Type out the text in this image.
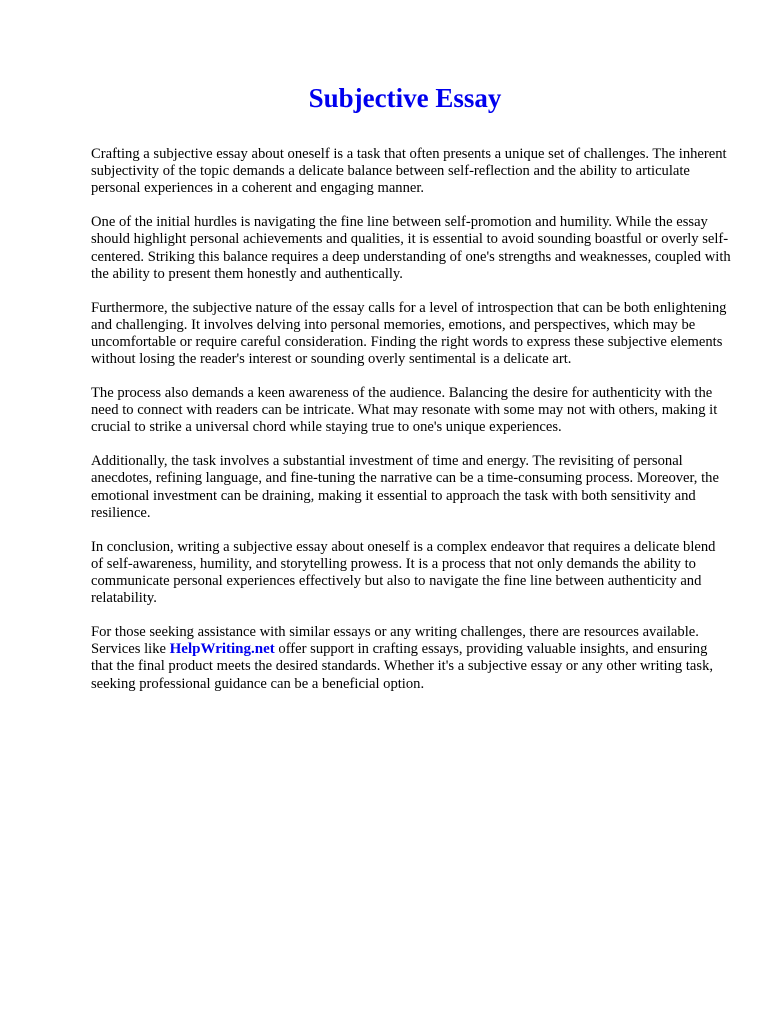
Subjective Essay

Crafting a subjective essay about oneself is a task that often presents a unique set of challenges. The inherent subjectivity of the topic demands a delicate balance between self-reflection and the ability to articulate personal experiences in a coherent and engaging manner.

One of the initial hurdles is navigating the fine line between self-promotion and humility. While the essay should highlight personal achievements and qualities, it is essential to avoid sounding boastful or overly self-centered. Striking this balance requires a deep understanding of one's strengths and weaknesses, coupled with the ability to present them honestly and authentically.

Furthermore, the subjective nature of the essay calls for a level of introspection that can be both enlightening and challenging. It involves delving into personal memories, emotions, and perspectives, which may be uncomfortable or require careful consideration. Finding the right words to express these subjective elements without losing the reader's interest or sounding overly sentimental is a delicate art.

The process also demands a keen awareness of the audience. Balancing the desire for authenticity with the need to connect with readers can be intricate. What may resonate with some may not with others, making it crucial to strike a universal chord while staying true to one's unique experiences.

Additionally, the task involves a substantial investment of time and energy. The revisiting of personal anecdotes, refining language, and fine-tuning the narrative can be a time-consuming process. Moreover, the emotional investment can be draining, making it essential to approach the task with both sensitivity and resilience.

In conclusion, writing a subjective essay about oneself is a complex endeavor that requires a delicate blend of self-awareness, humility, and storytelling prowess. It is a process that not only demands the ability to communicate personal experiences effectively but also to navigate the fine line between authenticity and relatability.

For those seeking assistance with similar essays or any writing challenges, there are resources available. Services like HelpWriting.net offer support in crafting essays, providing valuable insights, and ensuring that the final product meets the desired standards. Whether it's a subjective essay or any other writing task, seeking professional guidance can be a beneficial option.
